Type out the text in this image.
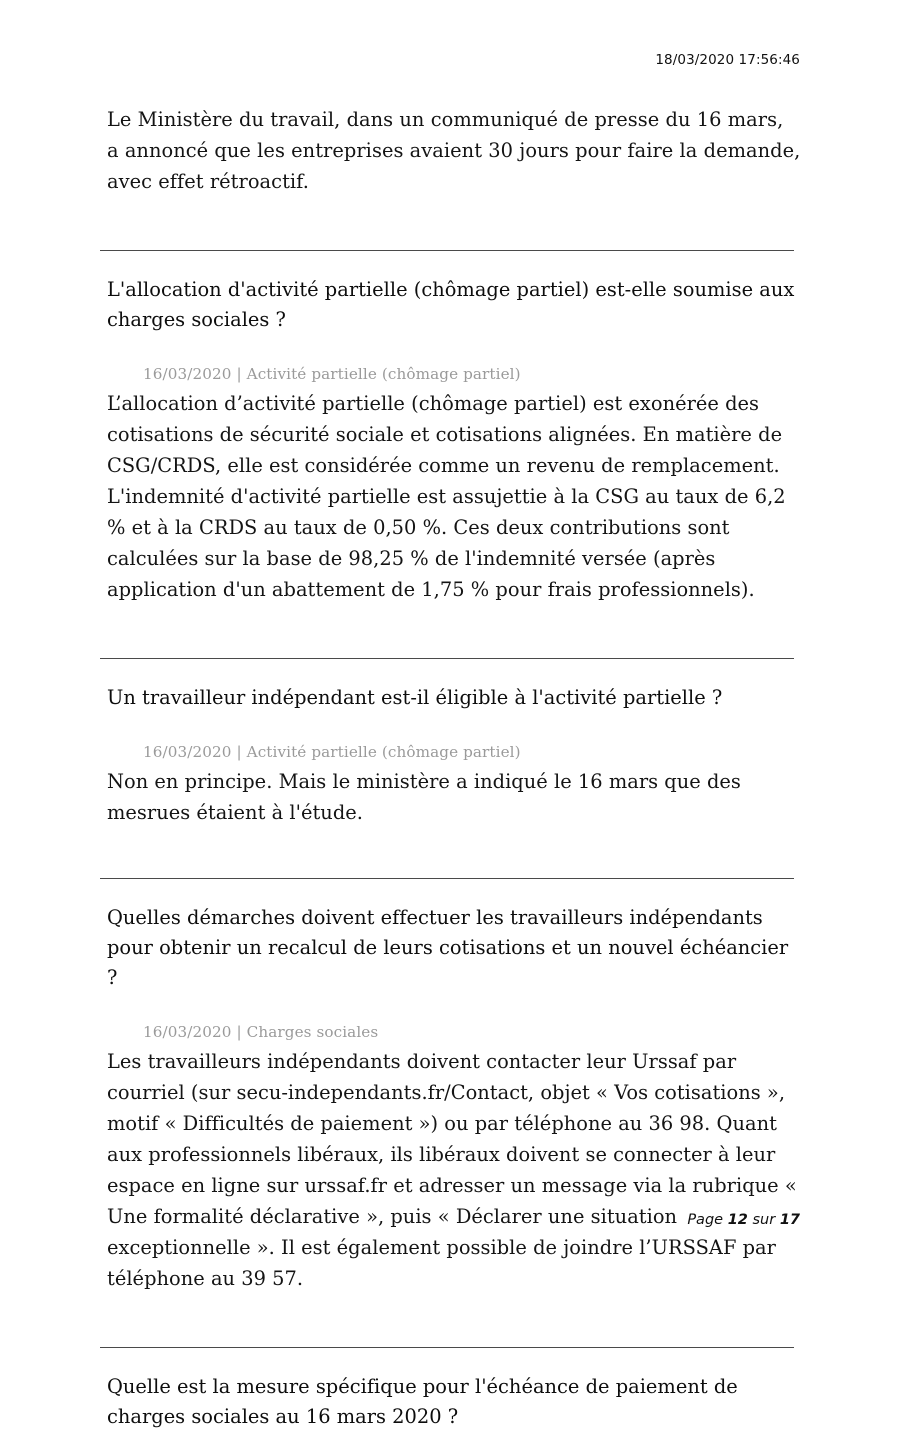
18/03/2020 17:56:46

Le Ministère du travail, dans un communiqué de presse du 16 mars, a annoncé que les entreprises avaient 30 jours pour faire la demande, avec effet rétroactif.

L'allocation d'activité partielle (chômage partiel) est-elle soumise aux charges sociales ?

16/03/2020 | Activité partielle (chômage partiel)

L’allocation d’activité partielle (chômage partiel) est exonérée des cotisations de sécurité sociale et cotisations alignées. En matière de CSG/CRDS, elle est considérée comme un revenu de remplacement. L'indemnité d'activité partielle est assujettie à la CSG au taux de 6,2 % et à la CRDS au taux de 0,50 %. Ces deux contributions sont calculées sur la base de 98,25 % de l'indemnité versée (après application d'un abattement de 1,75 % pour frais professionnels).

Un travailleur indépendant est-il éligible à l'activité partielle ?

16/03/2020 | Activité partielle (chômage partiel)

Non en principe. Mais le ministère a indiqué le 16 mars que des mesrues étaient à l'étude.

Quelles démarches doivent effectuer les travailleurs indépendants pour obtenir un recalcul de leurs cotisations et un nouvel échéancier ?

16/03/2020 | Charges sociales

Les travailleurs indépendants doivent contacter leur Urssaf par courriel (sur secu-independants.fr/Contact, objet « Vos cotisations », motif « Difficultés de paiement ») ou par téléphone au 36 98. Quant aux professionnels libéraux, ils libéraux doivent se connecter à leur espace en ligne sur urssaf.fr et adresser un message via la rubrique « Une formalité déclarative », puis « Déclarer une situation exceptionnelle ». Il est également possible de joindre l’URSSAF par téléphone au 39 57.

Quelle est la mesure spécifique pour l'échéance de paiement de charges sociales au 16 mars 2020 ?

Page 12 sur 17
